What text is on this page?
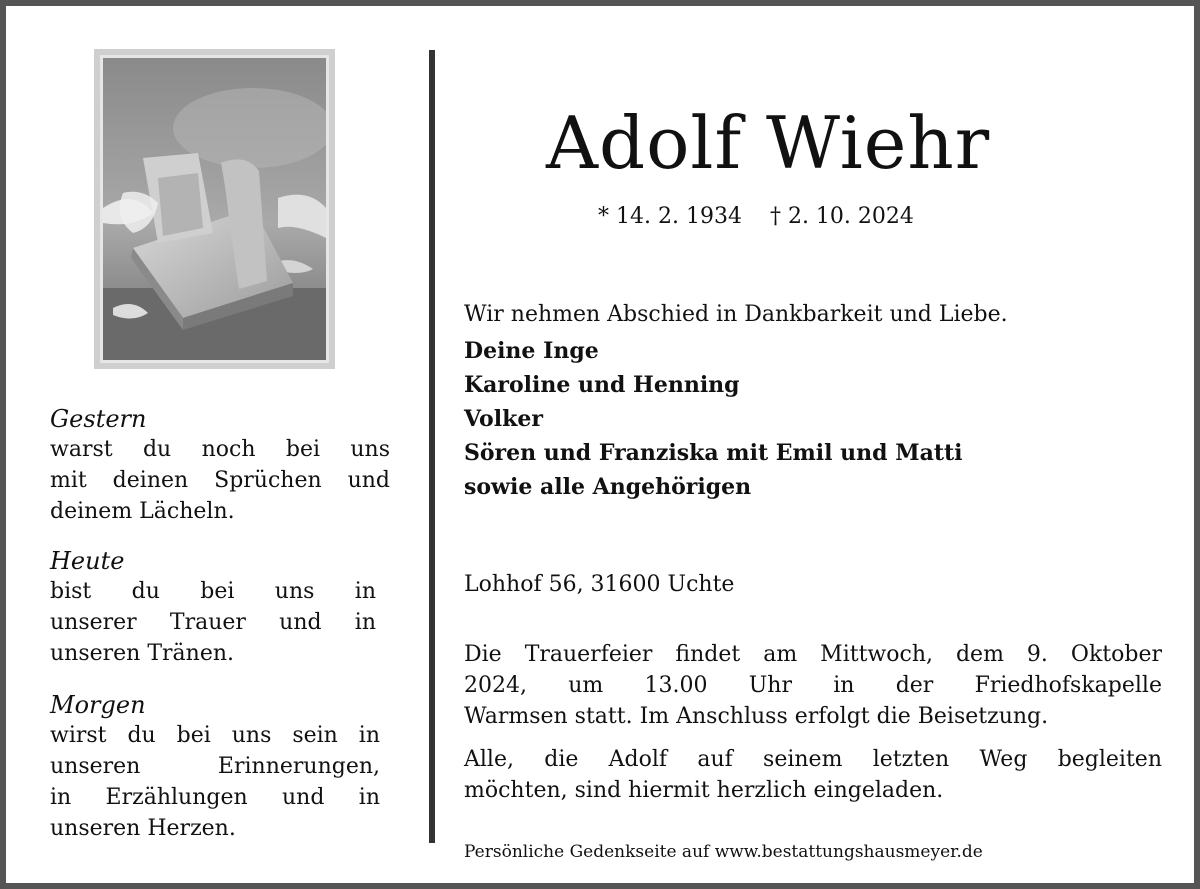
Gestern

warst du noch bei uns
mit deinen Sprüchen und
deinem Lächeln.

Heute

bist du bei uns in
unserer Trauer und in
unseren Tränen.

Morgen

wirst du bei uns sein in
unseren Erinnerungen,
in Erzählungen und in
unseren Herzen.

Adolf Wiehr
* 14. 2. 1934 † 2. 10. 2024

Wir nehmen Abschied in Dankbarkeit und Liebe.

Deine Inge
Karoline und Henning
Volker
Sören und Franziska mit Emil und Matti
sowie alle Angehörigen

Lohhof 56, 31600 Uchte

Die Trauerfeier findet am Mittwoch, dem 9. Oktober
2024, um 13.00 Uhr in der Friedhofskapelle
Warmsen statt. Im Anschluss erfolgt die Beisetzung.
Alle, die Adolf auf seinem letzten Weg begleiten
möchten, sind hiermit herzlich eingeladen.
Persönliche Gedenkseite auf www.bestattungshausmeyer.de
